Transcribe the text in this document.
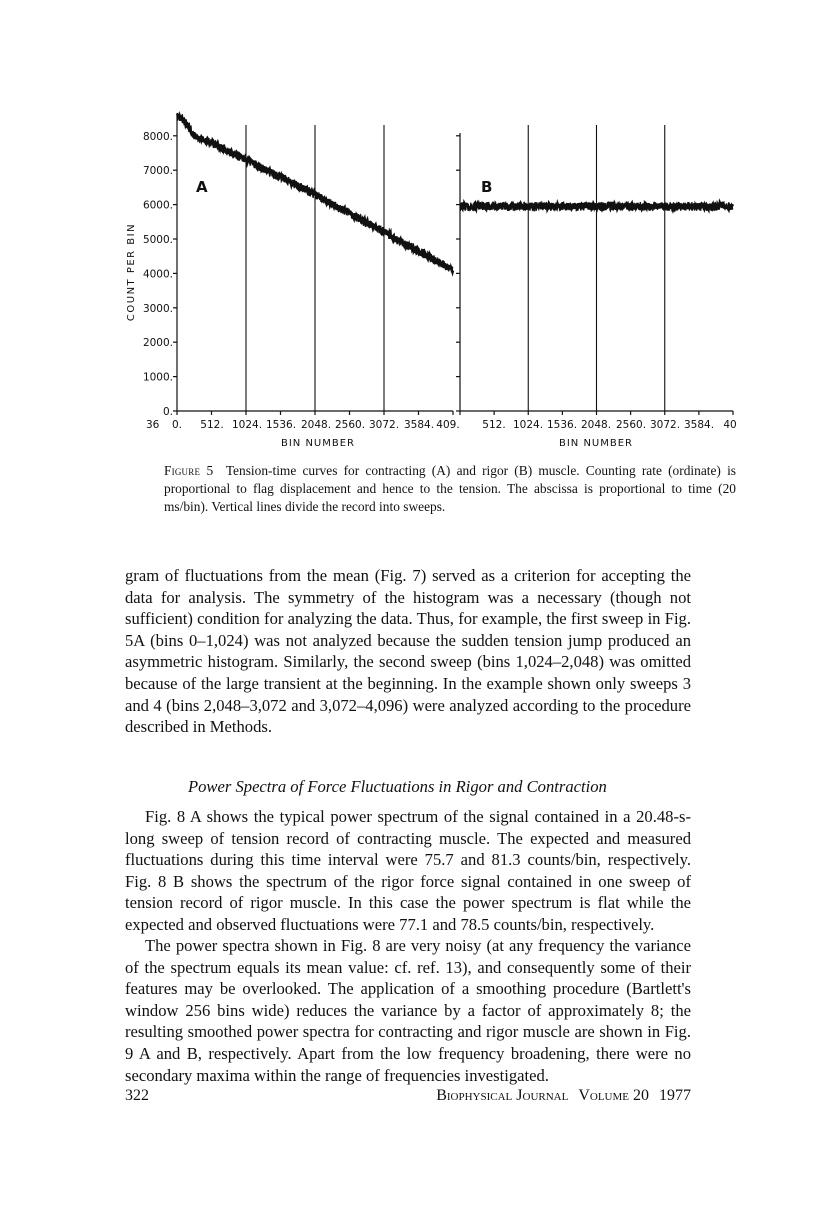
A	B
0.
1000.
2000.
3000.
4000.
5000.
6000.
7000.
8000.
COUNT PER BIN
36 0. 512. 1024. 1536. 2048. 2560. 3072. 3584. 409. 512. 1024. 1536. 2048. 2560. 3072. 3584. 40
BIN NUMBER	BIN NUMBER
Figure 5 Tension-time curves for contracting (A) and rigor (B) muscle. Counting rate (ordinate) is proportional to flag displacement and hence to the tension. The abscissa is proportional to time (20 ms/bin). Vertical lines divide the record into sweeps.
gram of fluctuations from the mean (Fig. 7) served as a criterion for accepting the data for analysis. The symmetry of the histogram was a necessary (though not sufficient) condition for analyzing the data. Thus, for example, the first sweep in Fig. 5A (bins 0–1,024) was not analyzed because the sudden tension jump produced an asymmetric histogram. Similarly, the second sweep (bins 1,024–2,048) was omitted because of the large transient at the beginning. In the example shown only sweeps 3 and 4 (bins 2,048–3,072 and 3,072–4,096) were analyzed according to the procedure described in Methods.
Power Spectra of Force Fluctuations in Rigor and Contraction
Fig. 8 A shows the typical power spectrum of the signal contained in a 20.48-s-long sweep of tension record of contracting muscle. The expected and measured fluctuations during this time interval were 75.7 and 81.3 counts/bin, respectively. Fig. 8 B shows the spectrum of the rigor force signal contained in one sweep of tension record of rigor muscle. In this case the power spectrum is flat while the expected and observed fluctuations were 77.1 and 78.5 counts/bin, respectively.
The power spectra shown in Fig. 8 are very noisy (at any frequency the variance of the spectrum equals its mean value: cf. ref. 13), and consequently some of their features may be overlooked. The application of a smoothing procedure (Bartlett's window 256 bins wide) reduces the variance by a factor of approximately 8; the resulting smoothed power spectra for contracting and rigor muscle are shown in Fig. 9 A and B, respectively. Apart from the low frequency broadening, there were no secondary maxima within the range of frequencies investigated.
322	Biophysical Journal Volume 20 1977
